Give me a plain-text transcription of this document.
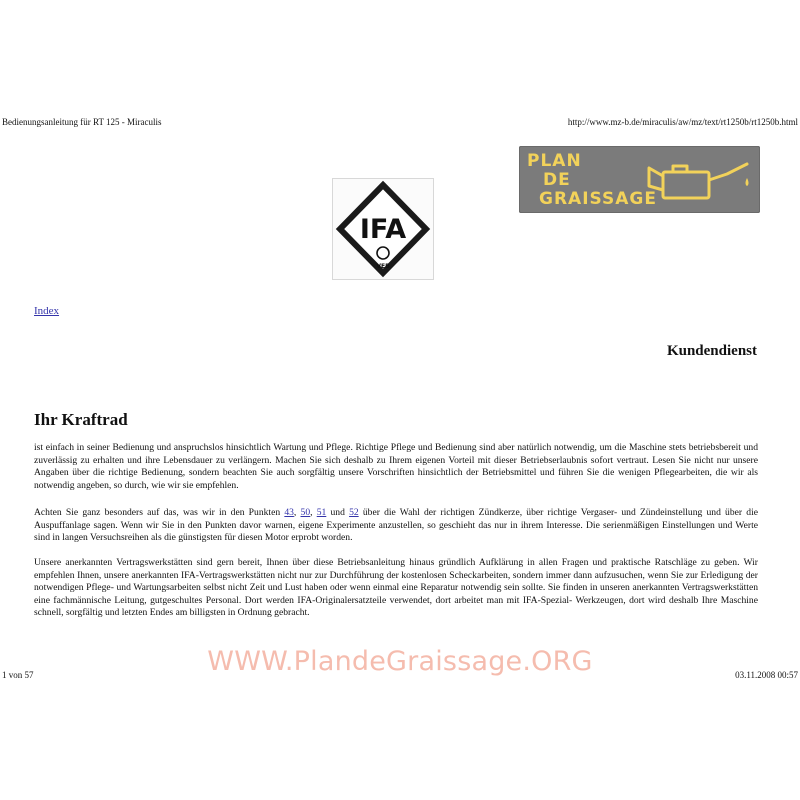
Bedienungsanleitung für RT 125 - Miraculis	http://www.mz-b.de/miraculis/aw/mz/text/rt1250b/rt1250b.html
IFA
VEB
PLAN
DE
GRAISSAGE
Index
Kundendienst
Ihr Kraftrad

ist einfach in seiner Bedienung und anspruchslos hinsichtlich Wartung und Pflege. Richtige Pflege und Bedienung sind aber natürlich notwendig, um die Maschine stets betriebsbereit und zuverlässig zu erhalten und ihre Lebensdauer zu verlängern. Machen Sie sich deshalb zu Ihrem eigenen Vorteil mit dieser Betriebserlaubnis sofort vertraut. Lesen Sie nicht nur unsere Angaben über die richtige Bedienung, sondern beachten Sie auch sorgfältig unsere Vorschriften hinsichtlich der Betriebsmittel und führen Sie die wenigen Pflegearbeiten, die wir als notwendig angeben, so durch, wie wir sie empfehlen.

Achten Sie ganz besonders auf das, was wir in den Punkten 43, 50, 51 und 52 über die Wahl der richtigen Zündkerze, über richtige Vergaser- und Zündeinstellung und über die Auspuffanlage sagen. Wenn wir Sie in den Punkten davor warnen, eigene Experimente anzustellen, so geschieht das nur in ihrem Interesse. Die serienmäßigen Einstellungen und Werte sind in langen Versuchsreihen als die günstigsten für diesen Motor erprobt worden.

Unsere anerkannten Vertragswerkstätten sind gern bereit, Ihnen über diese Betriebsanleitung hinaus gründlich Aufklärung in allen Fragen und praktische Ratschläge zu geben. Wir empfehlen Ihnen, unsere anerkannten IFA-Vertragswerkstätten nicht nur zur Durchführung der kostenlosen Scheckarbeiten, sondern immer dann aufzusuchen, wenn Sie zur Erledigung der notwendigen Pflege- und Wartungsarbeiten selbst nicht Zeit und Lust haben oder wenn einmal eine Reparatur notwendig sein sollte. Sie finden in unseren anerkannten Vertragswerkstätten eine fachmännische Leitung, gutgeschultes Personal. Dort werden IFA-Originalersatzteile verwendet, dort arbeitet man mit IFA-Spezial- Werkzeugen, dort wird deshalb Ihre Maschine schnell, sorgfältig und letzten Endes am billigsten in Ordnung gebracht.

WWW.PlandeGraissage.ORG
1 von 57	03.11.2008 00:57
